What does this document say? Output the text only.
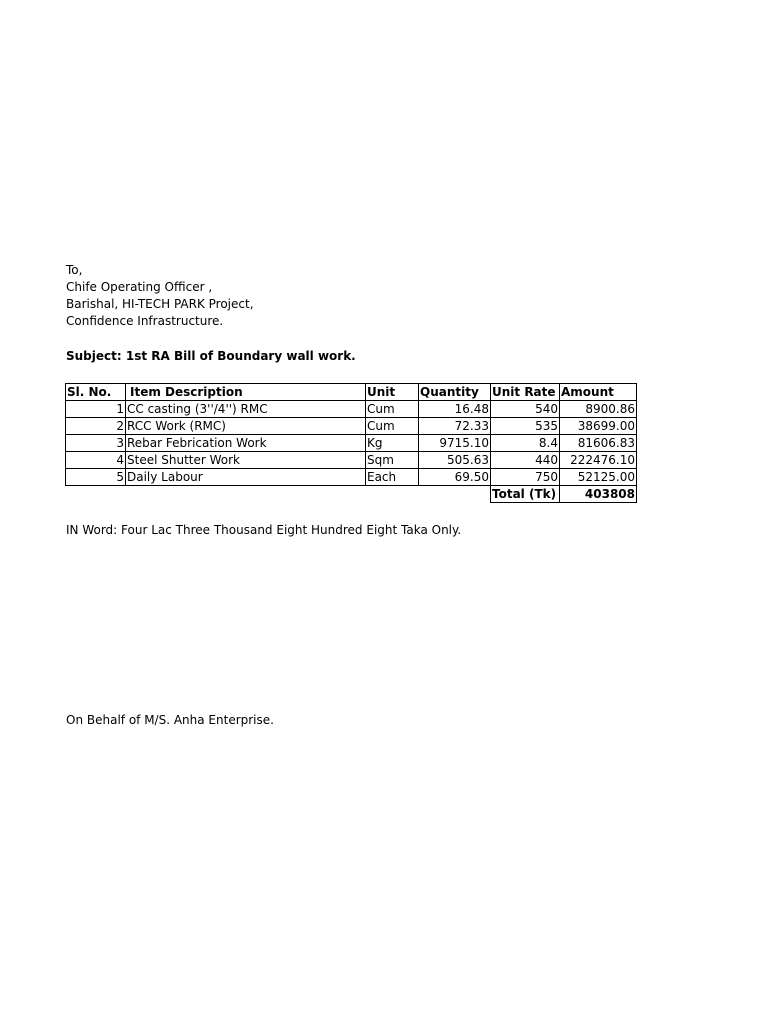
To,
Chife Operating Officer ,
Barishal, HI-TECH PARK Project,
Confidence Infrastructure.
Subject: 1st RA Bill of Boundary wall work.
Sl. No.	Item Description	Unit	Quantity	Unit Rate	Amount
1	CC casting (3''/4'') RMC	Cum	16.48	540	8900.86
2	RCC Work (RMC)	Cum	72.33	535	38699.00
3	Rebar Febrication Work	Kg	9715.10	8.4	81606.83
4	Steel Shutter Work	Sqm	505.63	440	222476.10
5	Daily Labour	Each	69.50	750	52125.00
				Total (Tk)	403808
IN Word: Four Lac Three Thousand Eight Hundred Eight Taka Only.
On Behalf of M/S. Anha Enterprise.
